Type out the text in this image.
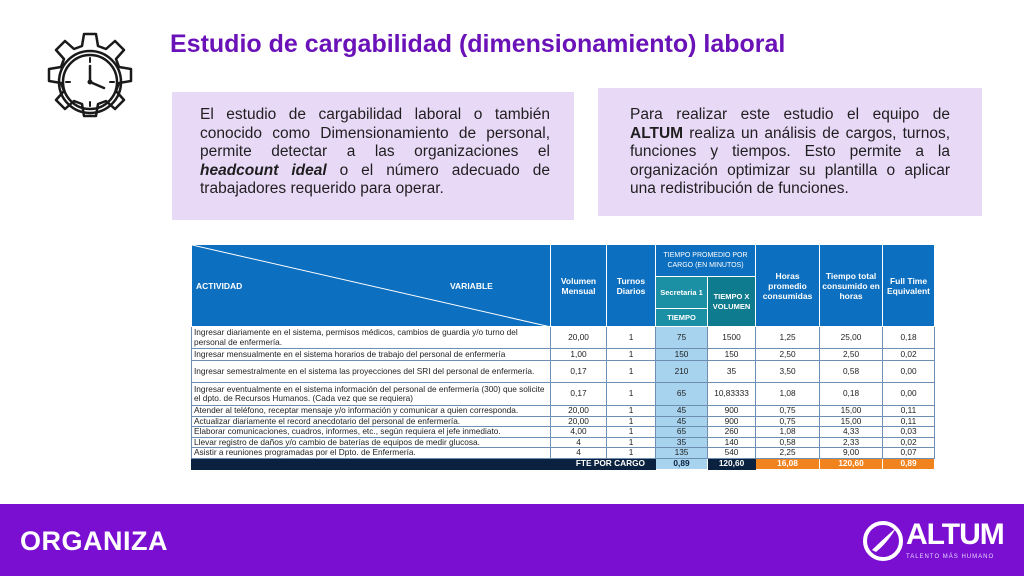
Estudio de cargabilidad (dimensionamiento) laboral

El estudio de cargabilidad laboral o también conocido como Dimensionamiento de personal, permite detectar a las organizaciones el headcount ideal o el número adecuado de trabajadores requerido para operar.

Para realizar este estudio el equipo de ALTUM realiza un análisis de cargos, turnos, funciones y tiempos. Esto permite a la organización optimizar su plantilla o aplicar una redistribución de funciones.

ACTIVIDAD VARIABLE	Volumen Mensual	Turnos Diarios	TIEMPO PROMEDIO POR CARGO (EN MINUTOS)		Horas promedio consumidas	Tiempo total consumido en horas	Full Time Equivalent
			Secretaria 1	TIEMPO X VOLUMEN			
			TIEMPO				
Ingresar diariamente en el sistema, permisos médicos, cambios de guardia y/o turno del personal de enfermería.	20,00	1	75	1500	1,25	25,00	0,18
Ingresar mensualmente en el sistema horarios de trabajo del personal de enfermería	1,00	1	150	150	2,50	2,50	0,02
Ingresar semestralmente en el sistema las proyecciones del SRI del personal de enfermería.	0,17	1	210	35	3,50	0,58	0,00
Ingresar eventualmente en el sistema información del personal de enfermería (300) que solicite el dpto. de Recursos Humanos. (Cada vez que se requiera)	0,17	1	65	10,83333	1,08	0,18	0,00
Atender al teléfono, receptar mensaje y/o información y comunicar a quien corresponda.	20,00	1	45	900	0,75	15,00	0,11
Actualizar diariamente el record anecdotario del personal de enfermería.	20,00	1	45	900	0,75	15,00	0,11
Elaborar comunicaciones, cuadros, informes, etc., según requiera el jefe inmediato.	4,00	1	65	260	1,08	4,33	0,03
Llevar registro de daños y/o cambio de baterías de equipos de medir glucosa.	4	1	35	140	0,58	2,33	0,02
Asistir a reuniones programadas por el Dpto. de Enfermería.	4	1	135	540	2,25	9,00	0,07
FTE POR CARGO			0,89	120,60	16,08	120,60	0,89
ORGANIZA	ALTUM
TALENTO MÁS HUMANO
